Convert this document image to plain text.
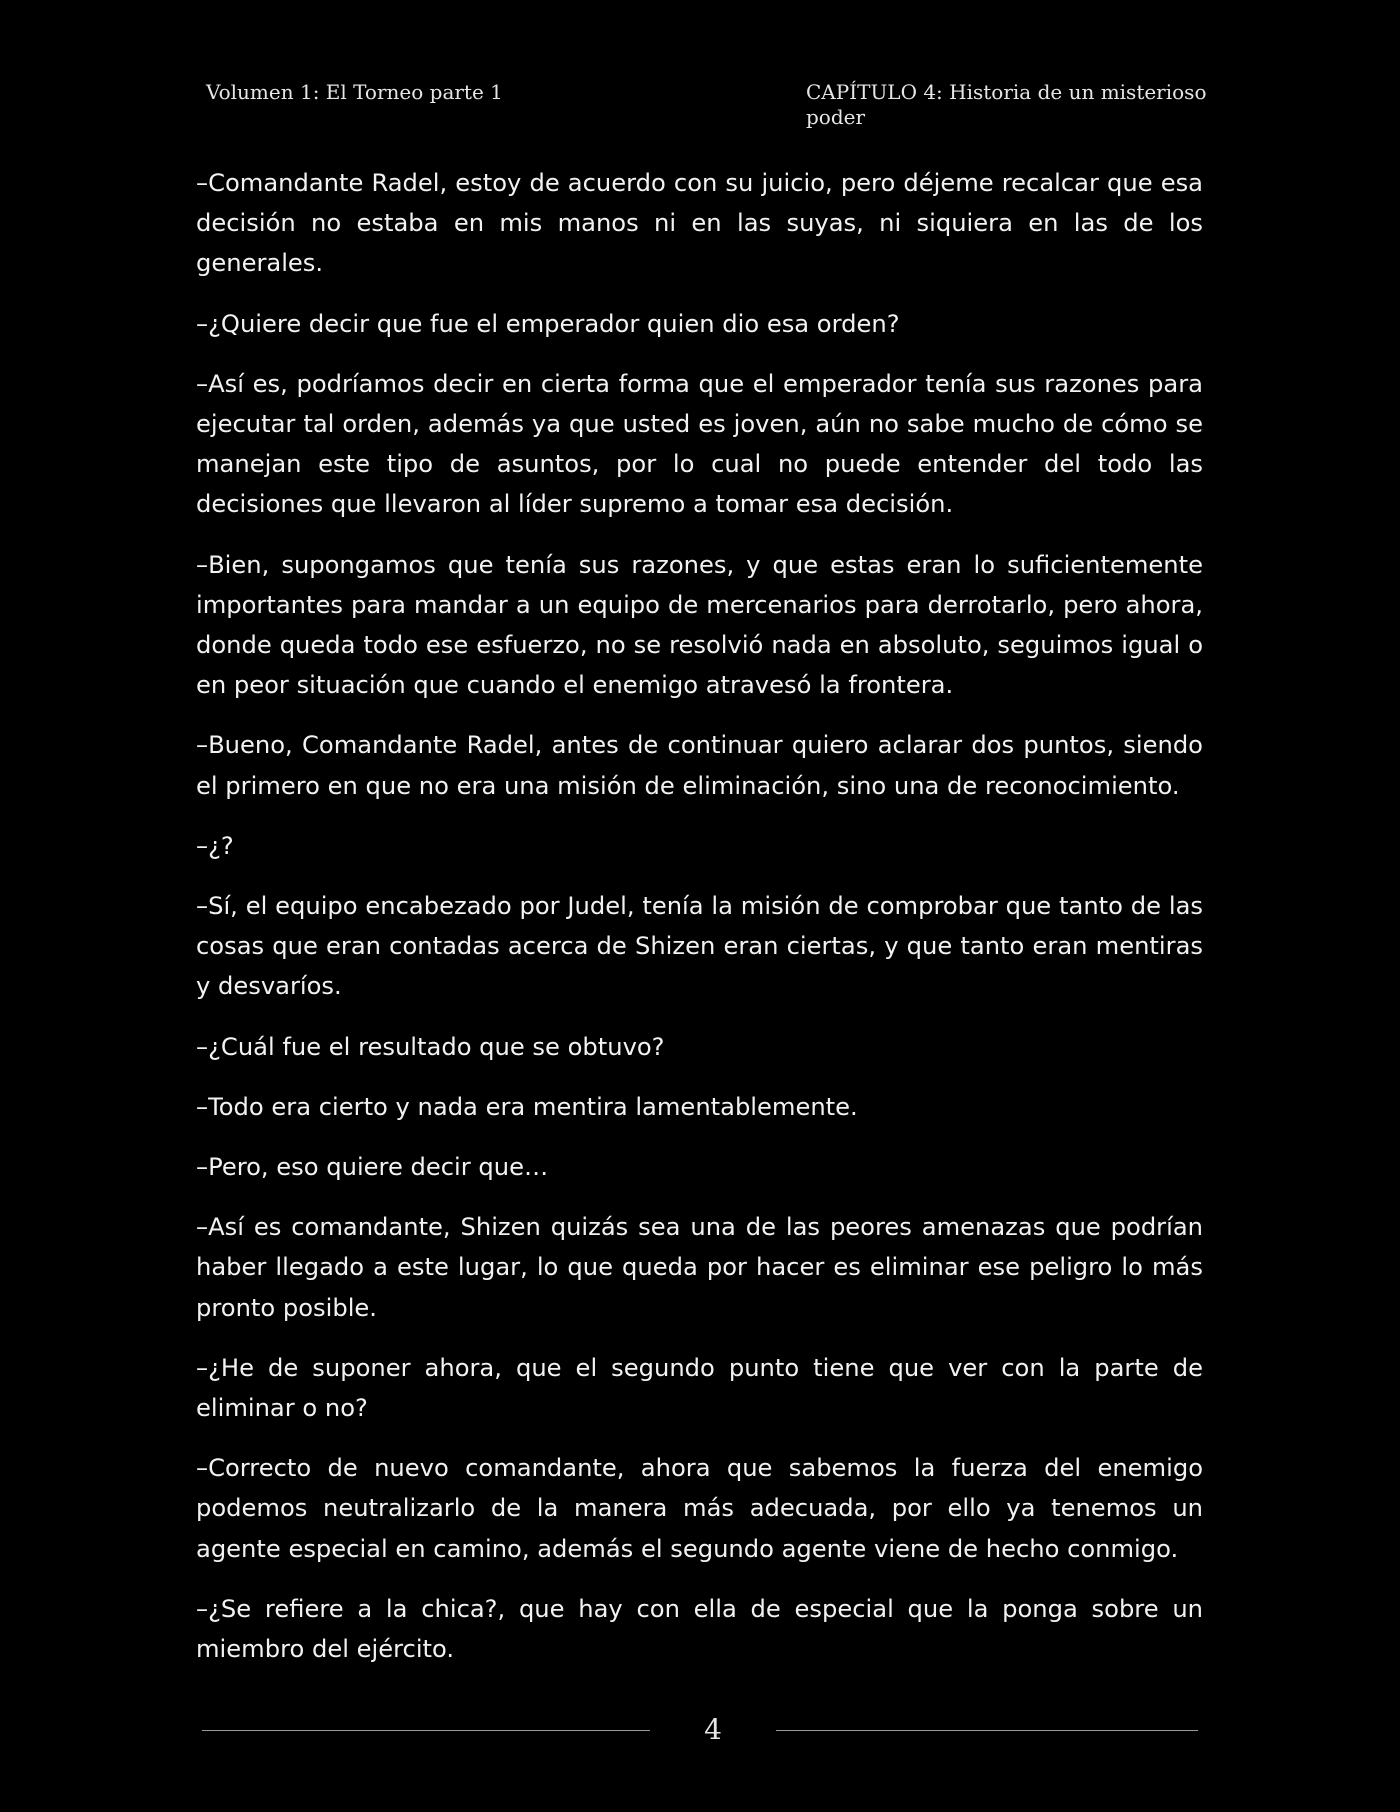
Volumen 1: El Torneo parte 1	CAPÍTULO 4: Historia de un misterioso poder

–Comandante Radel, estoy de acuerdo con su juicio, pero déjeme recalcar que esa decisión no estaba en mis manos ni en las suyas, ni siquiera en las de los generales.

–¿Quiere decir que fue el emperador quien dio esa orden?

–Así es, podríamos decir en cierta forma que el emperador tenía sus razones para ejecutar tal orden, además ya que usted es joven, aún no sabe mucho de cómo se manejan este tipo de asuntos, por lo cual no puede entender del todo las decisiones que llevaron al líder supremo a tomar esa decisión.

–Bien, supongamos que tenía sus razones, y que estas eran lo suficientemente importantes para mandar a un equipo de mercenarios para derrotarlo, pero ahora, donde queda todo ese esfuerzo, no se resolvió nada en absoluto, seguimos igual o en peor situación que cuando el enemigo atravesó la frontera.

–Bueno, Comandante Radel, antes de continuar quiero aclarar dos puntos, siendo el primero en que no era una misión de eliminación, sino una de reconocimiento.

–¿?

–Sí, el equipo encabezado por Judel, tenía la misión de comprobar que tanto de las cosas que eran contadas acerca de Shizen eran ciertas, y que tanto eran mentiras y desvaríos.

–¿Cuál fue el resultado que se obtuvo?

–Todo era cierto y nada era mentira lamentablemente.

–Pero, eso quiere decir que…

–Así es comandante, Shizen quizás sea una de las peores amenazas que podrían haber llegado a este lugar, lo que queda por hacer es eliminar ese peligro lo más pronto posible.

–¿He de suponer ahora, que el segundo punto tiene que ver con la parte de eliminar o no?

–Correcto de nuevo comandante, ahora que sabemos la fuerza del enemigo podemos neutralizarlo de la manera más adecuada, por ello ya tenemos un agente especial en camino, además el segundo agente viene de hecho conmigo.

–¿Se refiere a la chica?, que hay con ella de especial que la ponga sobre un miembro del ejército.

4
